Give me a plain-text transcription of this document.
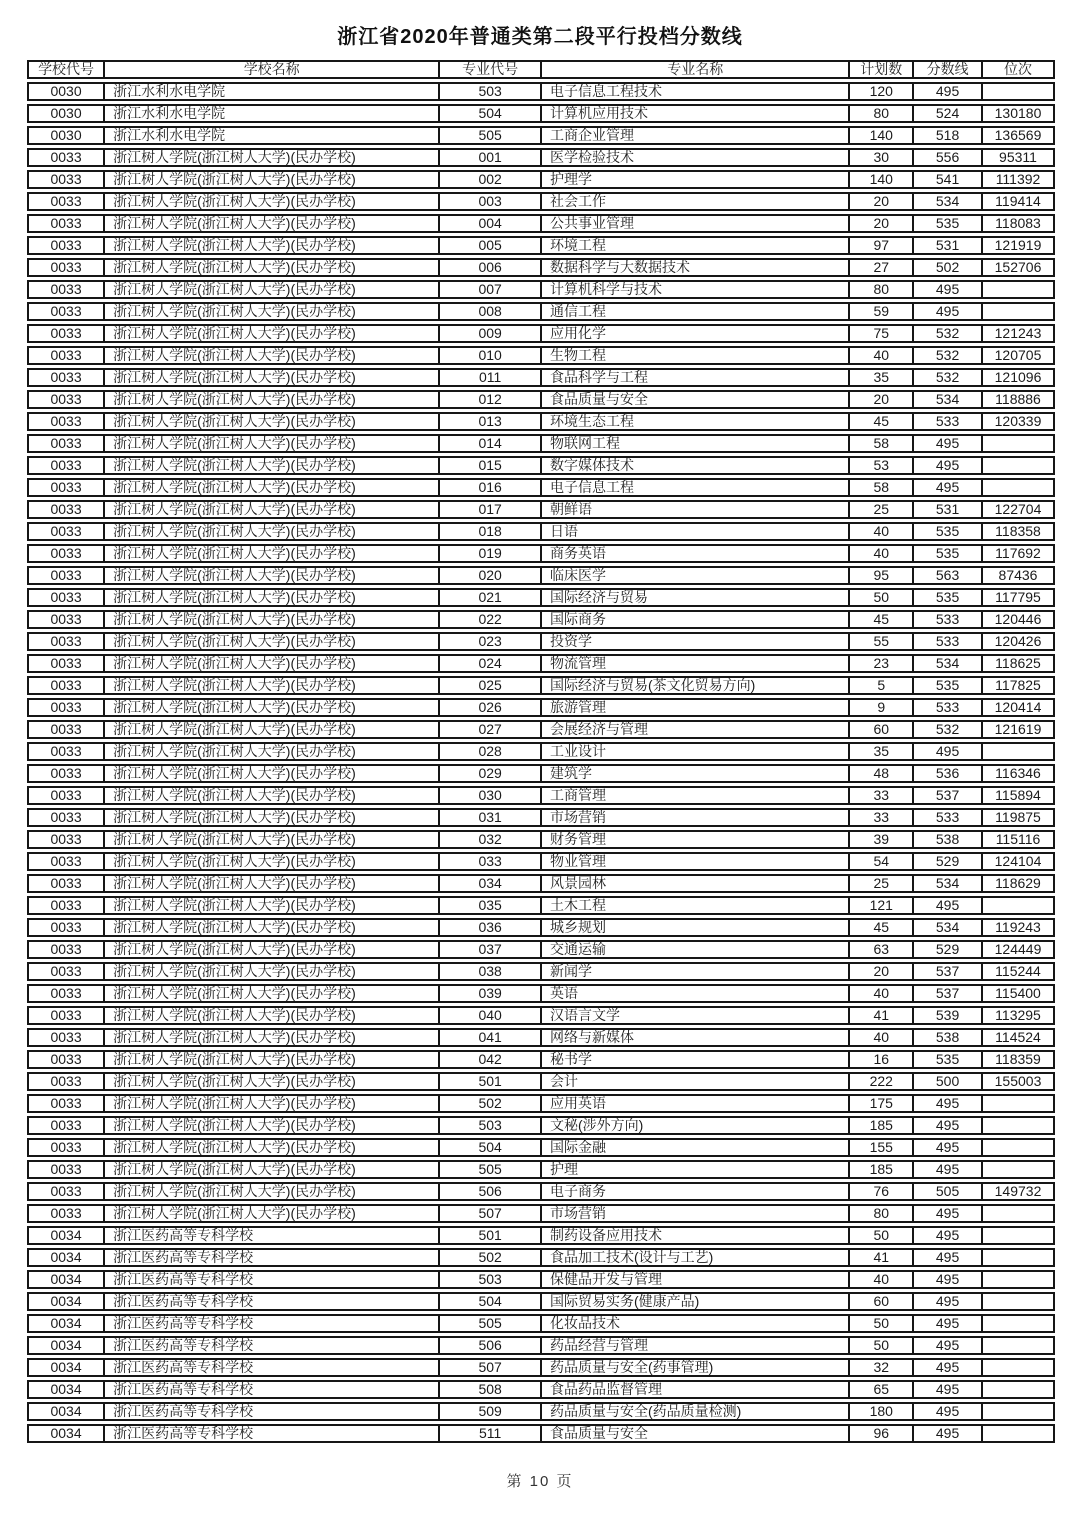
浙江省2020年普通类第二段平行投档分数线
学校代号	学校名称	专业代号	专业名称	计划数	分数线	位次
0030	浙江水利水电学院	503	电子信息工程技术	120	495	
0030	浙江水利水电学院	504	计算机应用技术	80	524	130180
0030	浙江水利水电学院	505	工商企业管理	140	518	136569
0033	浙江树人学院(浙江树人大学)(民办学校)	001	医学检验技术	30	556	95311
0033	浙江树人学院(浙江树人大学)(民办学校)	002	护理学	140	541	111392
0033	浙江树人学院(浙江树人大学)(民办学校)	003	社会工作	20	534	119414
0033	浙江树人学院(浙江树人大学)(民办学校)	004	公共事业管理	20	535	118083
0033	浙江树人学院(浙江树人大学)(民办学校)	005	环境工程	97	531	121919
0033	浙江树人学院(浙江树人大学)(民办学校)	006	数据科学与大数据技术	27	502	152706
0033	浙江树人学院(浙江树人大学)(民办学校)	007	计算机科学与技术	80	495	
0033	浙江树人学院(浙江树人大学)(民办学校)	008	通信工程	59	495	
0033	浙江树人学院(浙江树人大学)(民办学校)	009	应用化学	75	532	121243
0033	浙江树人学院(浙江树人大学)(民办学校)	010	生物工程	40	532	120705
0033	浙江树人学院(浙江树人大学)(民办学校)	011	食品科学与工程	35	532	121096
0033	浙江树人学院(浙江树人大学)(民办学校)	012	食品质量与安全	20	534	118886
0033	浙江树人学院(浙江树人大学)(民办学校)	013	环境生态工程	45	533	120339
0033	浙江树人学院(浙江树人大学)(民办学校)	014	物联网工程	58	495	
0033	浙江树人学院(浙江树人大学)(民办学校)	015	数字媒体技术	53	495	
0033	浙江树人学院(浙江树人大学)(民办学校)	016	电子信息工程	58	495	
0033	浙江树人学院(浙江树人大学)(民办学校)	017	朝鲜语	25	531	122704
0033	浙江树人学院(浙江树人大学)(民办学校)	018	日语	40	535	118358
0033	浙江树人学院(浙江树人大学)(民办学校)	019	商务英语	40	535	117692
0033	浙江树人学院(浙江树人大学)(民办学校)	020	临床医学	95	563	87436
0033	浙江树人学院(浙江树人大学)(民办学校)	021	国际经济与贸易	50	535	117795
0033	浙江树人学院(浙江树人大学)(民办学校)	022	国际商务	45	533	120446
0033	浙江树人学院(浙江树人大学)(民办学校)	023	投资学	55	533	120426
0033	浙江树人学院(浙江树人大学)(民办学校)	024	物流管理	23	534	118625
0033	浙江树人学院(浙江树人大学)(民办学校)	025	国际经济与贸易(茶文化贸易方向)	5	535	117825
0033	浙江树人学院(浙江树人大学)(民办学校)	026	旅游管理	9	533	120414
0033	浙江树人学院(浙江树人大学)(民办学校)	027	会展经济与管理	60	532	121619
0033	浙江树人学院(浙江树人大学)(民办学校)	028	工业设计	35	495	
0033	浙江树人学院(浙江树人大学)(民办学校)	029	建筑学	48	536	116346
0033	浙江树人学院(浙江树人大学)(民办学校)	030	工商管理	33	537	115894
0033	浙江树人学院(浙江树人大学)(民办学校)	031	市场营销	33	533	119875
0033	浙江树人学院(浙江树人大学)(民办学校)	032	财务管理	39	538	115116
0033	浙江树人学院(浙江树人大学)(民办学校)	033	物业管理	54	529	124104
0033	浙江树人学院(浙江树人大学)(民办学校)	034	风景园林	25	534	118629
0033	浙江树人学院(浙江树人大学)(民办学校)	035	土木工程	121	495	
0033	浙江树人学院(浙江树人大学)(民办学校)	036	城乡规划	45	534	119243
0033	浙江树人学院(浙江树人大学)(民办学校)	037	交通运输	63	529	124449
0033	浙江树人学院(浙江树人大学)(民办学校)	038	新闻学	20	537	115244
0033	浙江树人学院(浙江树人大学)(民办学校)	039	英语	40	537	115400
0033	浙江树人学院(浙江树人大学)(民办学校)	040	汉语言文学	41	539	113295
0033	浙江树人学院(浙江树人大学)(民办学校)	041	网络与新媒体	40	538	114524
0033	浙江树人学院(浙江树人大学)(民办学校)	042	秘书学	16	535	118359
0033	浙江树人学院(浙江树人大学)(民办学校)	501	会计	222	500	155003
0033	浙江树人学院(浙江树人大学)(民办学校)	502	应用英语	175	495	
0033	浙江树人学院(浙江树人大学)(民办学校)	503	文秘(涉外方向)	185	495	
0033	浙江树人学院(浙江树人大学)(民办学校)	504	国际金融	155	495	
0033	浙江树人学院(浙江树人大学)(民办学校)	505	护理	185	495	
0033	浙江树人学院(浙江树人大学)(民办学校)	506	电子商务	76	505	149732
0033	浙江树人学院(浙江树人大学)(民办学校)	507	市场营销	80	495	
0034	浙江医药高等专科学校	501	制药设备应用技术	50	495	
0034	浙江医药高等专科学校	502	食品加工技术(设计与工艺)	41	495	
0034	浙江医药高等专科学校	503	保健品开发与管理	40	495	
0034	浙江医药高等专科学校	504	国际贸易实务(健康产品)	60	495	
0034	浙江医药高等专科学校	505	化妆品技术	50	495	
0034	浙江医药高等专科学校	506	药品经营与管理	50	495	
0034	浙江医药高等专科学校	507	药品质量与安全(药事管理)	32	495	
0034	浙江医药高等专科学校	508	食品药品监督管理	65	495	
0034	浙江医药高等专科学校	509	药品质量与安全(药品质量检测)	180	495	
0034	浙江医药高等专科学校	511	食品质量与安全	96	495	
第 10 页
